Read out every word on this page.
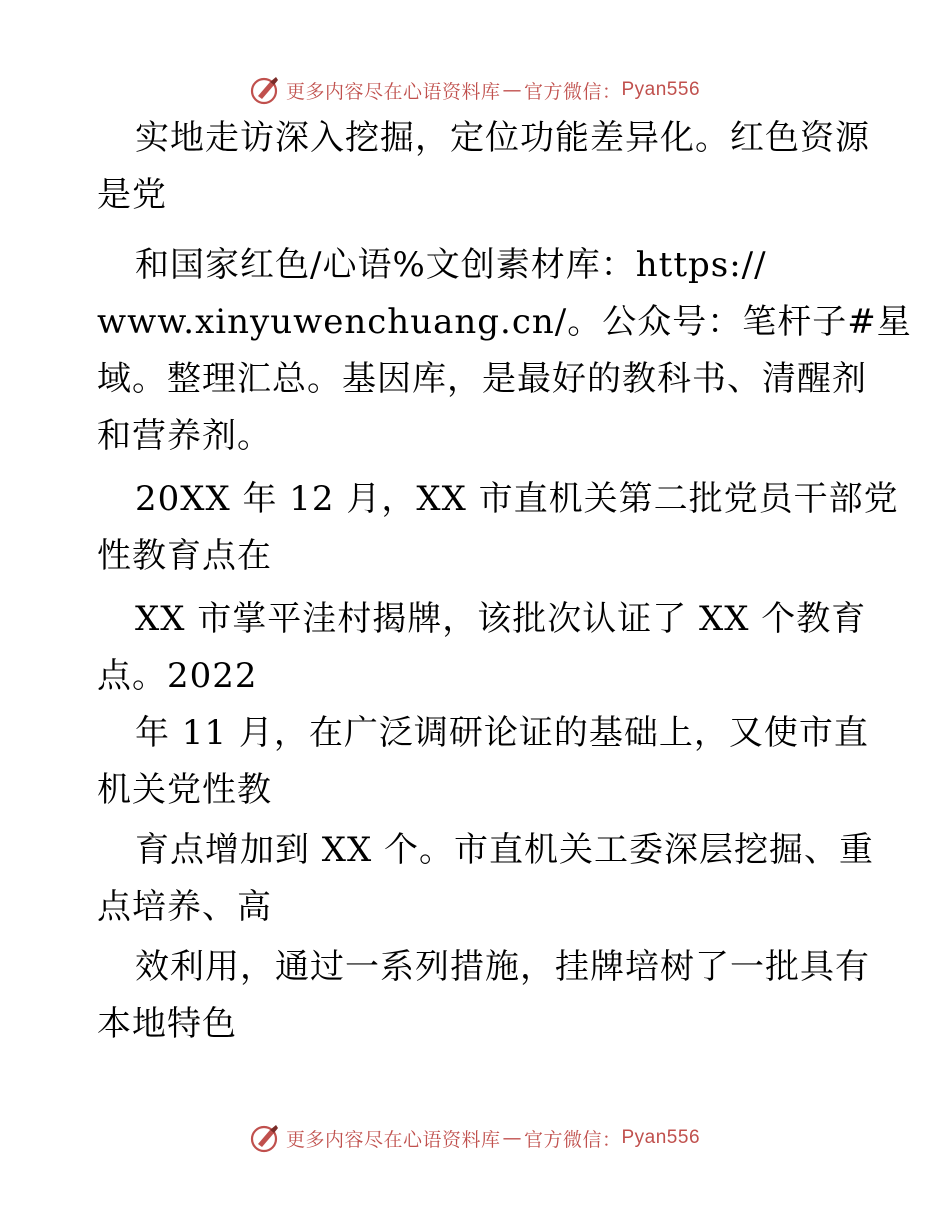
更多内容尽在心语资料库 — 官方微信： Pyan556
实地走访深入挖掘，定位功能差异化。红色资源
是党
和国家红色/心语%文创素材库：https://
www.xinyuwenchuang.cn/。公众号：笔杆子#星
域。整理汇总。基因库，是最好的教科书、清醒剂
和营养剂。
20XX 年 12 月，XX 市直机关第二批党员干部党
性教育点在
XX 市掌平洼村揭牌，该批次认证了 XX 个教育
点。2022
年 11 月，在广泛调研论证的基础上，又使市直
机关党性教
育点增加到 XX 个。市直机关工委深层挖掘、重
点培养、高
效利用，通过一系列措施，挂牌培树了一批具有
本地特色
更多内容尽在心语资料库 — 官方微信： Pyan556
